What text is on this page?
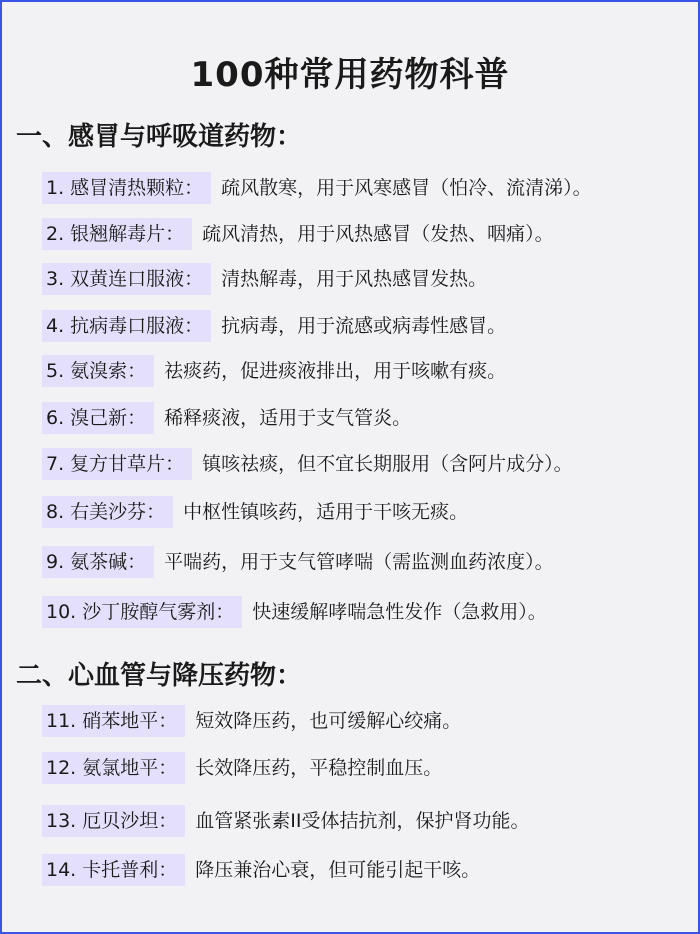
100种常用药物科普
一、感冒与呼吸道药物：
1. 感冒清热颗粒： 疏风散寒，用于风寒感冒（怕冷、流清涕）。
2. 银翘解毒片： 疏风清热，用于风热感冒（发热、咽痛）。
3. 双黄连口服液： 清热解毒，用于风热感冒发热。
4. 抗病毒口服液： 抗病毒，用于流感或病毒性感冒。
5. 氨溴索： 祛痰药，促进痰液排出，用于咳嗽有痰。
6. 溴己新： 稀释痰液，适用于支气管炎。
7. 复方甘草片： 镇咳祛痰，但不宜长期服用（含阿片成分）。
8. 右美沙芬： 中枢性镇咳药，适用于干咳无痰。
9. 氨茶碱： 平喘药，用于支气管哮喘（需监测血药浓度）。
10. 沙丁胺醇气雾剂： 快速缓解哮喘急性发作（急救用）。
二、心血管与降压药物：
11. 硝苯地平： 短效降压药，也可缓解心绞痛。
12. 氨氯地平： 长效降压药，平稳控制血压。
13. 厄贝沙坦： 血管紧张素II受体拮抗剂，保护肾功能。
14. 卡托普利： 降压兼治心衰，但可能引起干咳。
